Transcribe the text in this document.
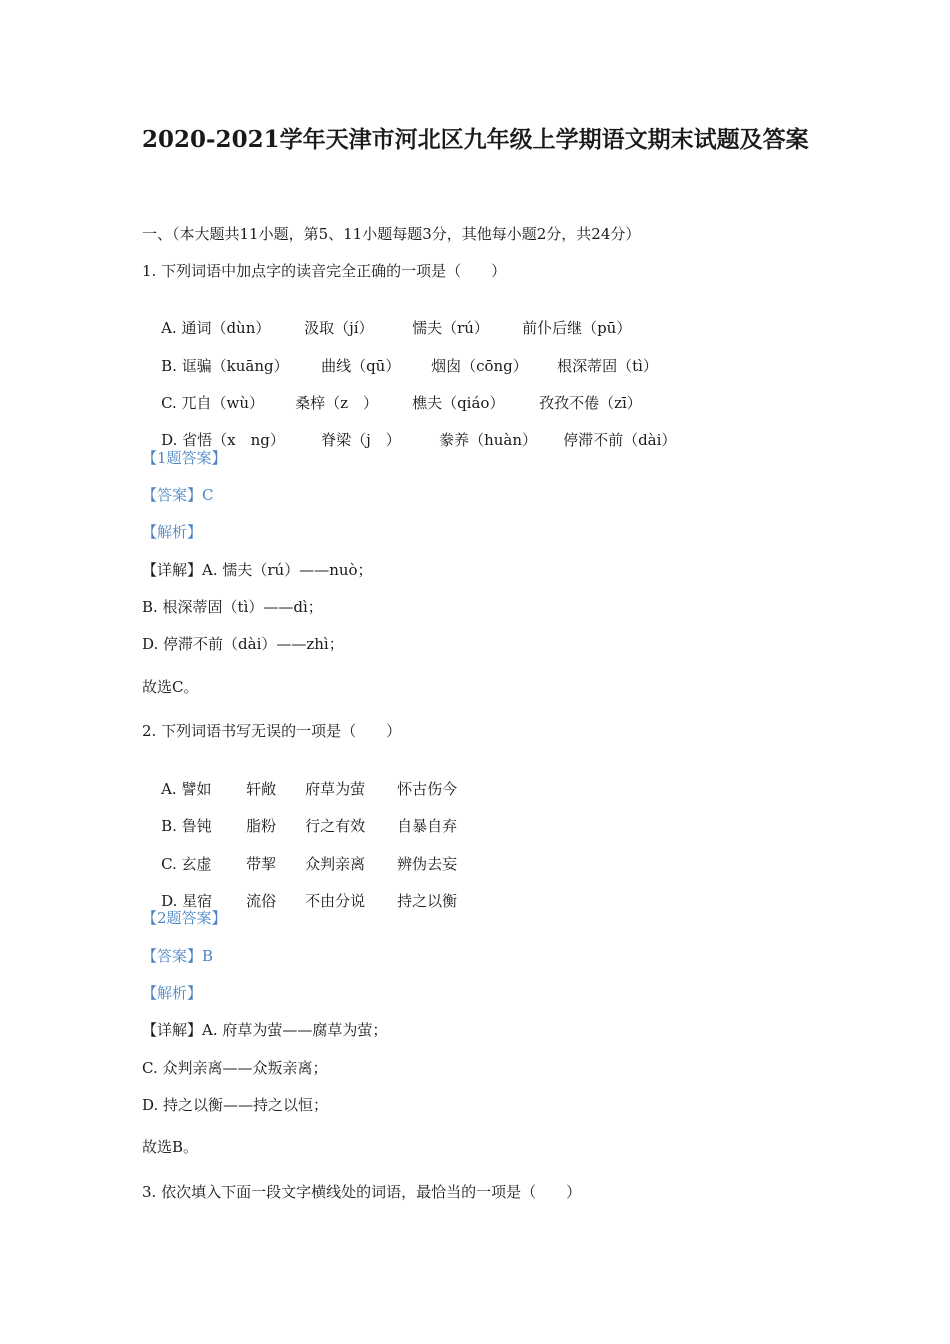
2020-2021学年天津市河北区九年级上学期语文期末试题及答案
一、（本大题共11小题，第5、11小题每题3分，其他每小题2分，共24分）
1. 下列词语中加点字的读音完全正确的一项是（　　）

A. 通词（dùn） 汲取（jí）	懦夫（rú） 前仆后继（pū）

B. 诓骗（kuāng） 曲线（qū） 烟囱（cōng） 根深蒂固（tì）

C. 兀自（wù） 桑梓（z　） 樵夫（qiáo） 孜孜不倦（zī）

D. 省悟（x　ng） 脊梁（j　）	豢养（huàn） 停滞不前（dài）

【1题答案】
【答案】C
【解析】
【详解】A. 懦夫（rú）——nuò；
B. 根深蒂固（tì）——dì；
D. 停滞不前（dài）——zhì；
故选C。
2. 下列词语书写无误的一项是（　　）

A. 譬如 轩敞 府草为萤 怀古伤今

B. 鲁钝 脂粉 行之有效 自暴自弃

C. 玄虚 带挈 众判亲离 辨伪去妄

D. 星宿 流俗 不由分说 持之以衡

【2题答案】
【答案】B
【解析】
【详解】A. 府草为萤——腐草为萤；
C. 众判亲离——众叛亲离；
D. 持之以衡——持之以恒；
故选B。
3. 依次填入下面一段文字横线处的词语，最恰当的一项是（　　）
